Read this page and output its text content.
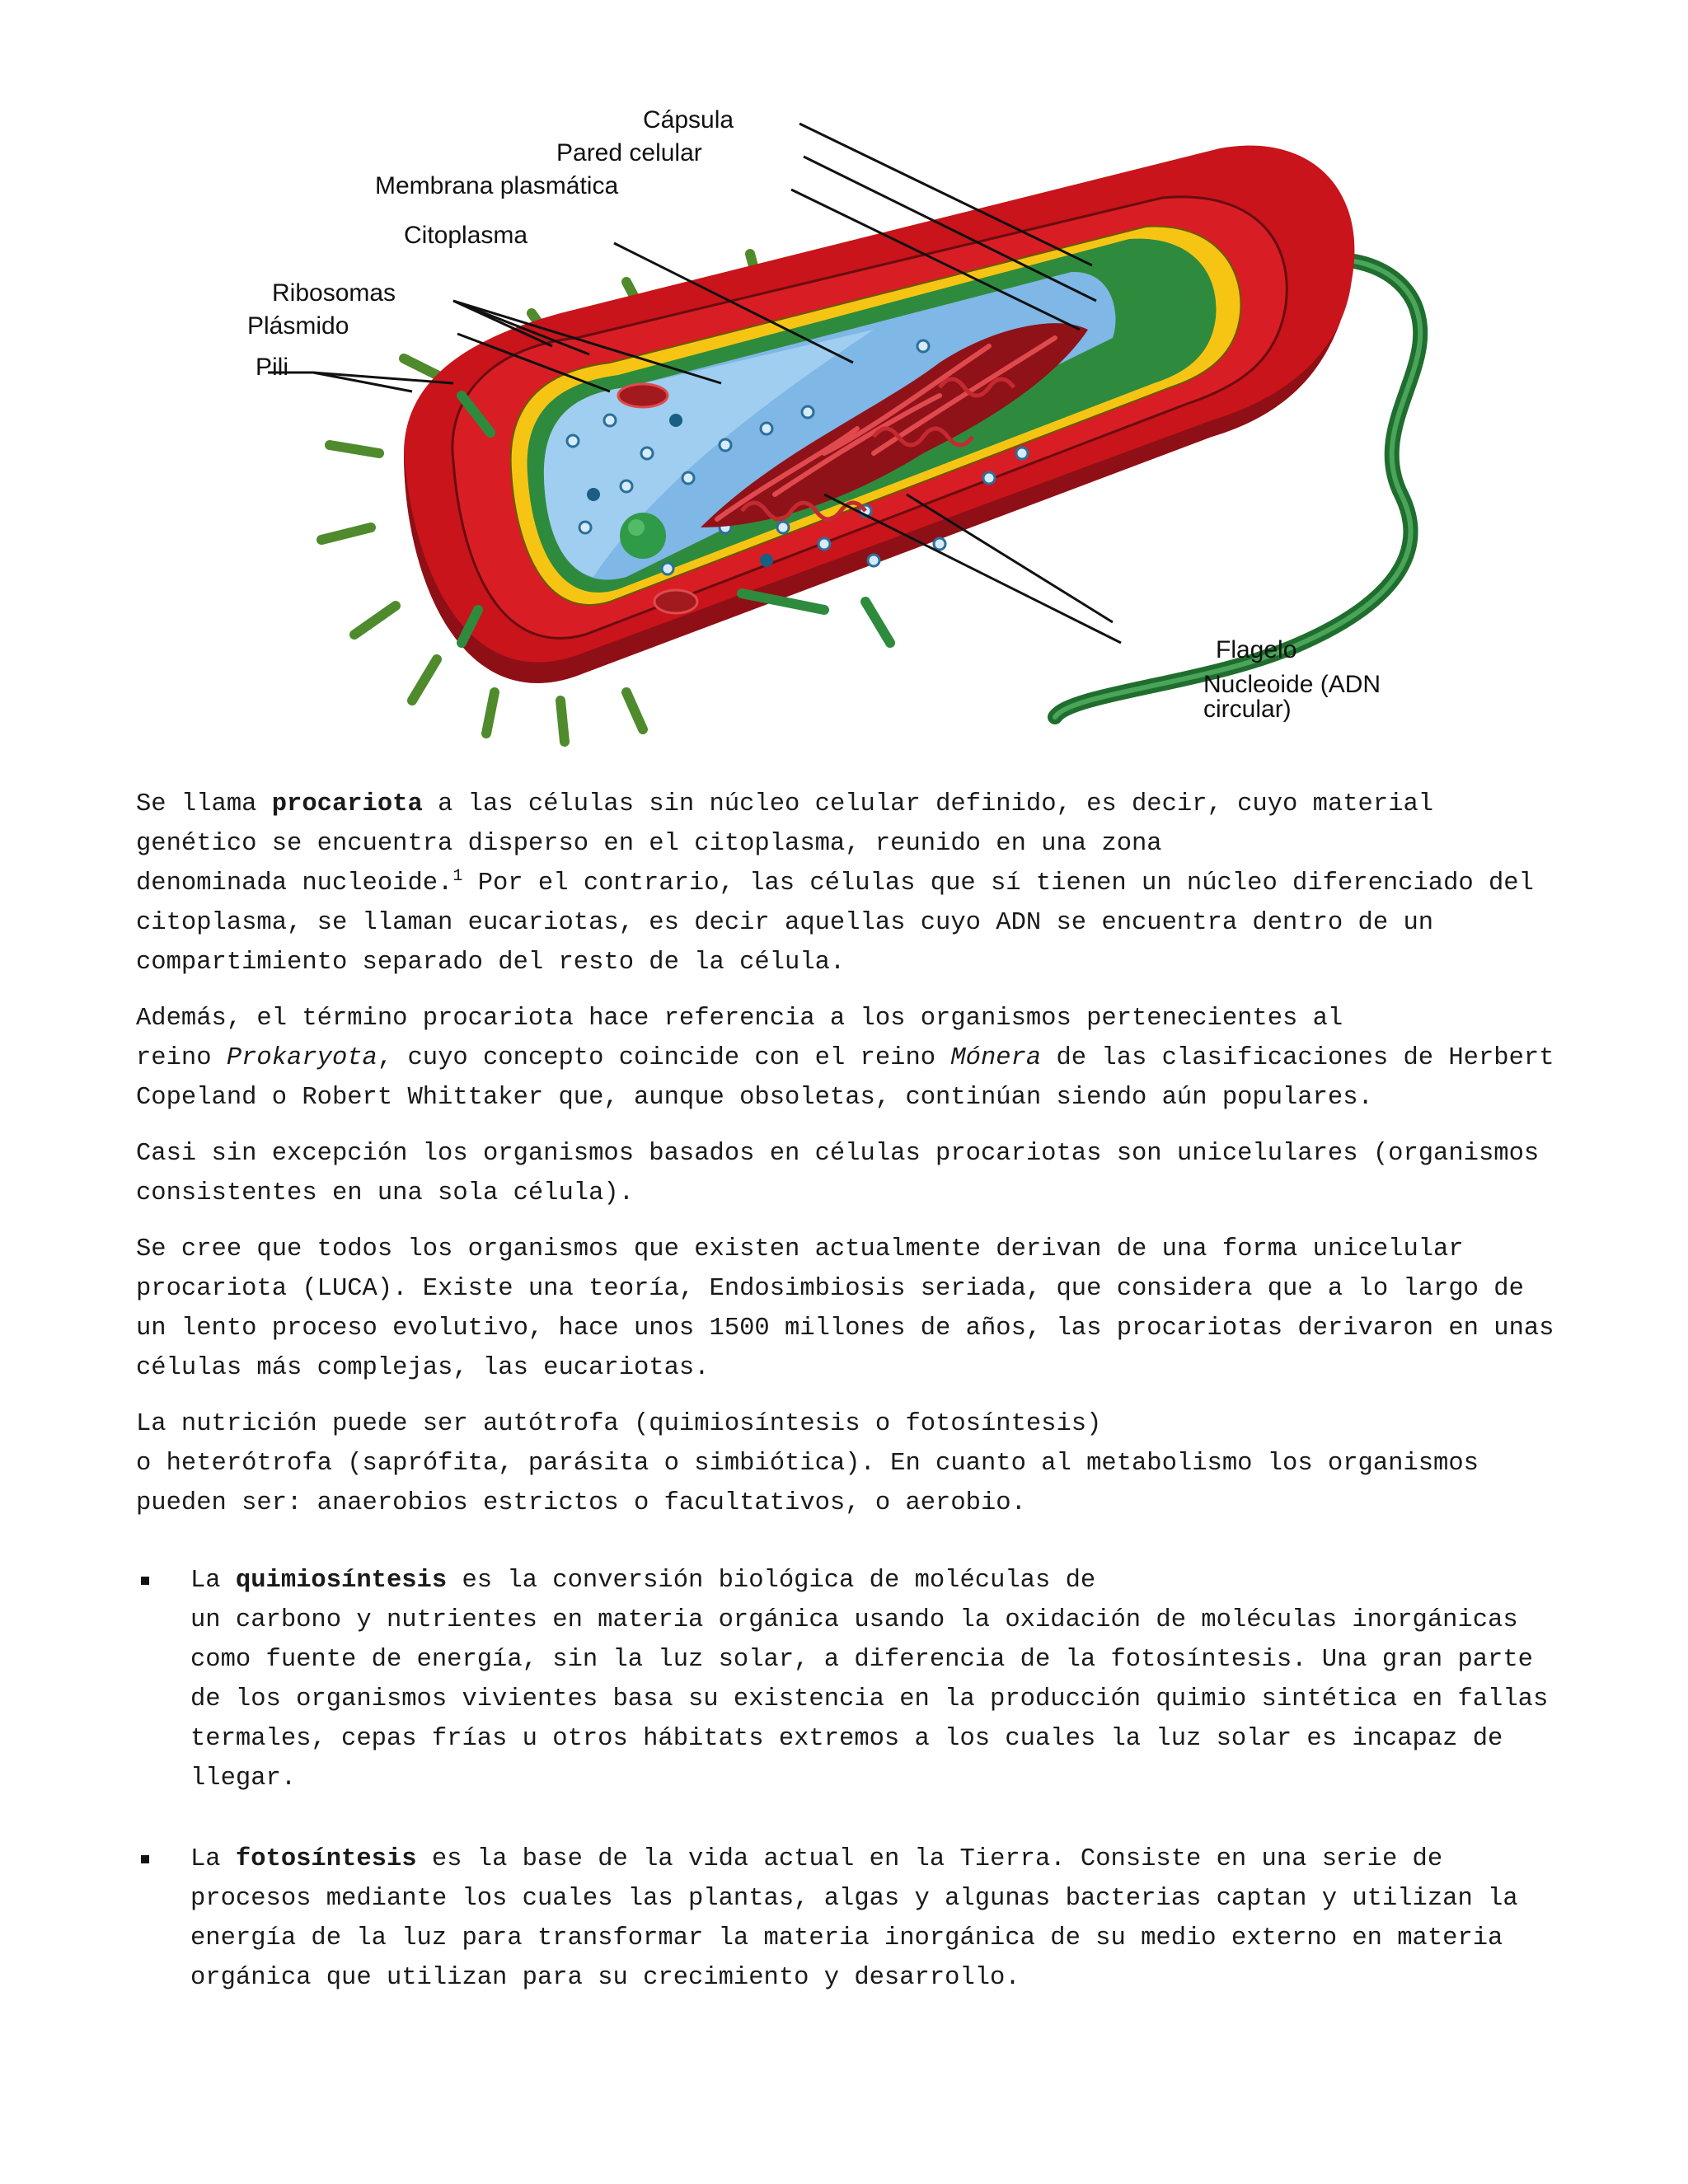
Cápsula
Pared celular
Membrana plasmática
Citoplasma
Ribosomas
Plásmido
Pili
Flagelo
Nucleoide (ADN
circular)

Se llama procariota a las células sin núcleo celular definido, es decir, cuyo material
genético se encuentra disperso en el citoplasma, reunido en una zona
denominada nucleoide.$^1$ Por el contrario, las células que sí tienen un núcleo diferenciado del
citoplasma, se llaman eucariotas, es decir aquellas cuyo ADN se encuentra dentro de un
compartimiento separado del resto de la célula.

Además, el término procariota hace referencia a los organismos pertenecientes al
reino Prokaryota, cuyo concepto coincide con el reino Mónera de las clasificaciones de Herbert
Copeland o Robert Whittaker que, aunque obsoletas, continúan siendo aún populares.

Casi sin excepción los organismos basados en células procariotas son unicelulares (organismos
consistentes en una sola célula).

Se cree que todos los organismos que existen actualmente derivan de una forma unicelular
procariota (LUCA). Existe una teoría, Endosimbiosis seriada, que considera que a lo largo de
un lento proceso evolutivo, hace unos 1500 millones de años, las procariotas derivaron en unas
células más complejas, las eucariotas.

La nutrición puede ser autótrofa (quimiosíntesis o fotosíntesis)
o heterótrofa (saprófita, parásita o simbiótica). En cuanto al metabolismo los organismos
pueden ser: anaerobios estrictos o facultativos, o aerobio.

La quimiosíntesis es la conversión biológica de moléculas de
un carbono y nutrientes en materia orgánica usando la oxidación de moléculas inorgánicas
como fuente de energía, sin la luz solar, a diferencia de la fotosíntesis. Una gran parte
de los organismos vivientes basa su existencia en la producción quimio sintética en fallas
termales, cepas frías u otros hábitats extremos a los cuales la luz solar es incapaz de
llegar.
La fotosíntesis es la base de la vida actual en la Tierra. Consiste en una serie de
procesos mediante los cuales las plantas, algas y algunas bacterias captan y utilizan la
energía de la luz para transformar la materia inorgánica de su medio externo en materia
orgánica que utilizan para su crecimiento y desarrollo.
